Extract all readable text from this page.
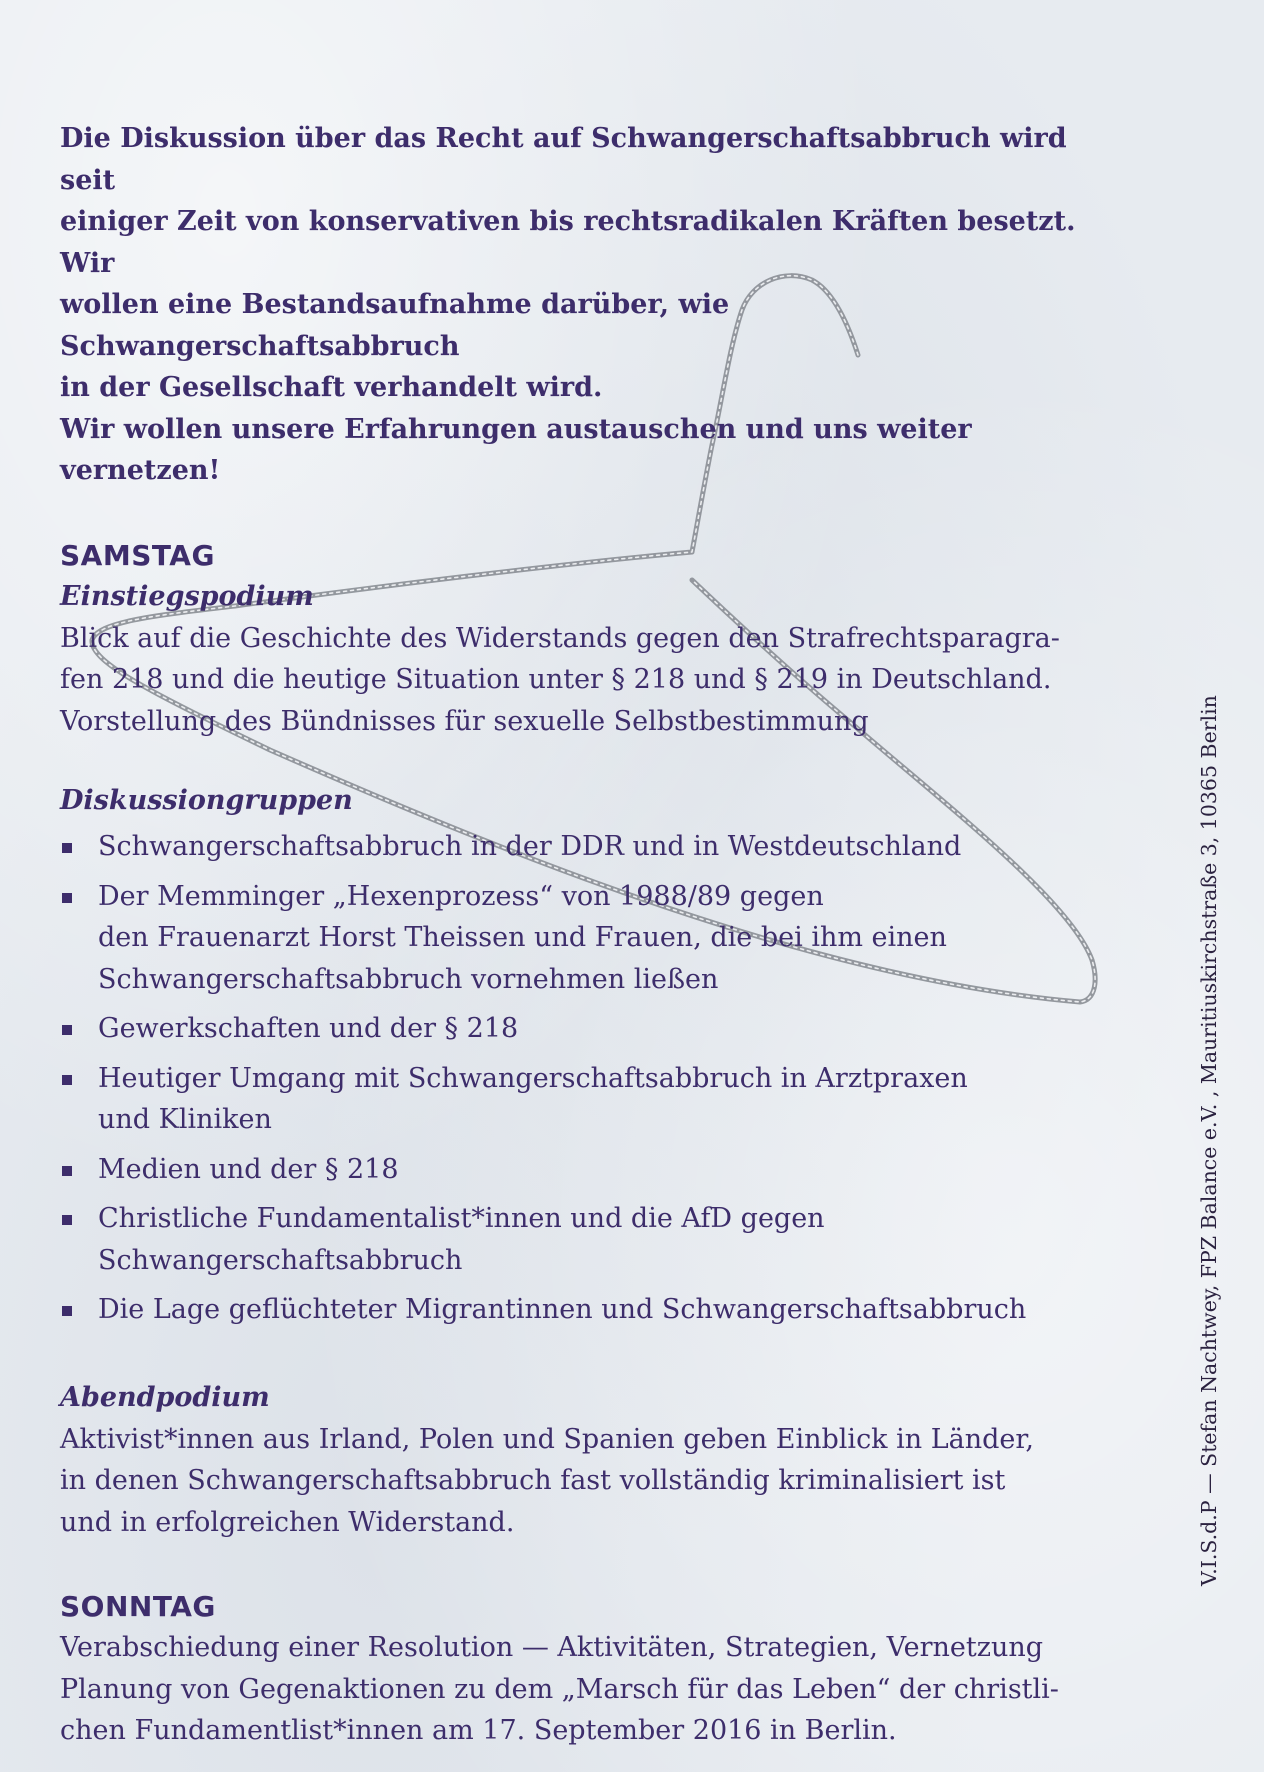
Die Diskussion über das Recht auf Schwangerschaftsabbruch wird seit

einiger Zeit von konservativen bis rechtsradikalen Kräften besetzt. Wir

wollen eine Bestandsaufnahme darüber, wie Schwangerschaftsabbruch

in der Gesellschaft verhandelt wird.

Wir wollen unsere Erfahrungen austauschen und uns weiter vernetzen!

SAMSTAG
Einstiegspodium

Blick auf die Geschichte des Widerstands gegen den Strafrechtsparagra-

fen 218 und die heutige Situation unter § 218 und § 219 in Deutschland.

Vorstellung des Bündnisses für sexuelle Selbstbestimmung

Diskussiongruppen

Schwangerschaftsabbruch in der DDR und in Westdeutschland

Der Memminger „Hexenprozess“ von 1988/89 gegen

den Frauenarzt Horst Theissen und Frauen, die bei ihm einen

Schwangerschaftsabbruch vornehmen ließen

Gewerkschaften und der § 218

Heutiger Umgang mit Schwangerschaftsabbruch in Arztpraxen

und Kliniken

Medien und der § 218

Christliche Fundamentalist*innen und die AfD gegen

Schwangerschaftsabbruch

Die Lage geflüchteter Migrantinnen und Schwangerschaftsabbruch

Abendpodium

Aktivist*innen aus Irland, Polen und Spanien geben Einblick in Länder,

in denen Schwangerschaftsabbruch fast vollständig kriminalisiert ist

und in erfolgreichen Widerstand.

SONNTAG

Verabschiedung einer Resolution — Aktivitäten, Strategien, Vernetzung

Planung von Gegenaktionen zu dem „Marsch für das Leben“ der christli-

chen Fundamentlist*innen am 17. September 2016 in Berlin.

V.I.S.d.P — Stefan Nachtwey, FPZ Balance e.V. , Mauritiuskirchstraße 3, 10365 Berlin
